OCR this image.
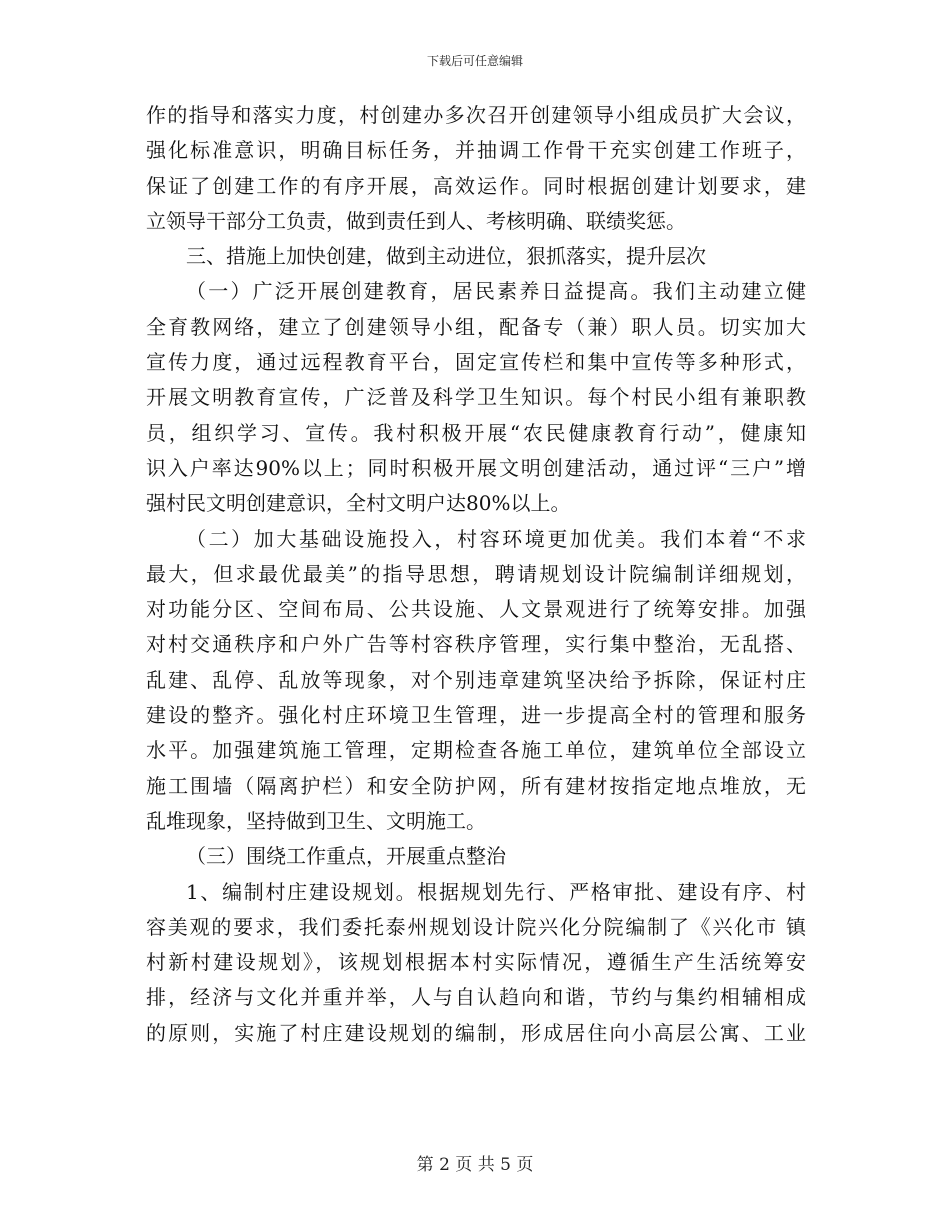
下载后可任意编辑
作的指导和落实力度，村创建办多次召开创建领导小组成员扩大会议，
强化标准意识，明确目标任务，并抽调工作骨干充实创建工作班子，
保证了创建工作的有序开展，高效运作。同时根据创建计划要求，建
立领导干部分工负责，做到责任到人、考核明确、联绩奖惩。
三、措施上加快创建，做到主动进位，狠抓落实，提升层次
（一）广泛开展创建教育，居民素养日益提高。我们主动建立健
全育教网络，建立了创建领导小组，配备专（兼）职人员。切实加大
宣传力度，通过远程教育平台，固定宣传栏和集中宣传等多种形式，
开展文明教育宣传，广泛普及科学卫生知识。每个村民小组有兼职教
员，组织学习、宣传。我村积极开展“农民健康教育行动”，健康知
识入户率达90%以上；同时积极开展文明创建活动，通过评“三户”增
强村民文明创建意识，全村文明户达80%以上。
（二）加大基础设施投入，村容环境更加优美。我们本着“不求
最大，但求最优最美”的指导思想，聘请规划设计院编制详细规划，
对功能分区、空间布局、公共设施、人文景观进行了统筹安排。加强
对村交通秩序和户外广告等村容秩序管理，实行集中整治，无乱搭、
乱建、乱停、乱放等现象，对个别违章建筑坚决给予拆除，保证村庄
建设的整齐。强化村庄环境卫生管理，进一步提高全村的管理和服务
水平。加强建筑施工管理，定期检查各施工单位，建筑单位全部设立
施工围墙（隔离护栏）和安全防护网，所有建材按指定地点堆放，无
乱堆现象，坚持做到卫生、文明施工。
（三）围绕工作重点，开展重点整治
1、编制村庄建设规划。根据规划先行、严格审批、建设有序、村
容美观的要求，我们委托泰州规划设计院兴化分院编制了《兴化市 镇
村新村建设规划》，该规划根据本村实际情况，遵循生产生活统筹安
排，经济与文化并重并举，人与自认趋向和谐，节约与集约相辅相成
的原则，实施了村庄建设规划的编制，形成居住向小高层公寓、工业
第 2 页 共 5 页
